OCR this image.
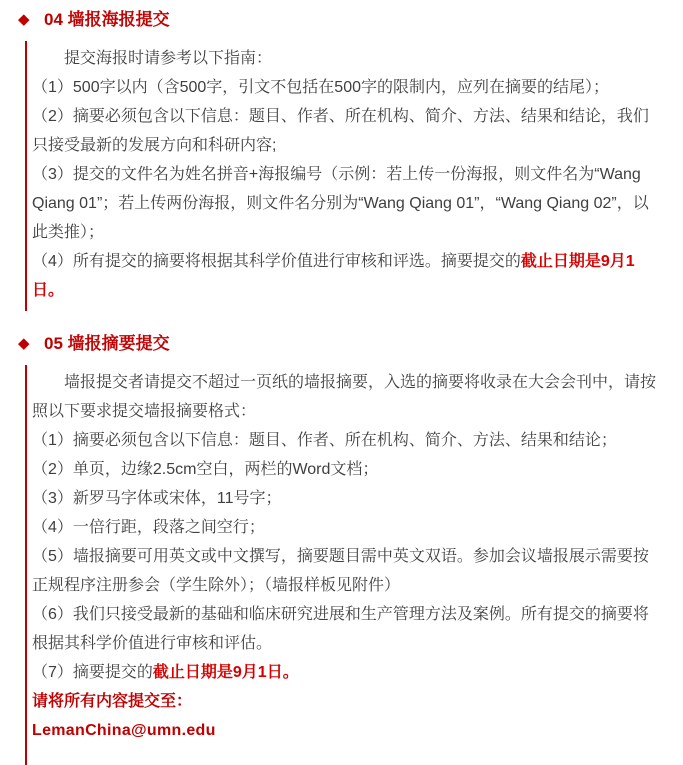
◆ 04 墙报海报提交

提交海报时请参考以下指南：

（1）500字以内（含500字，引文不包括在500字的限制内，应列在摘要的结尾）；

（2）摘要必须包含以下信息：题目、作者、所在机构、简介、方法、结果和结论，我们只接受最新的发展方向和科研内容;

（3）提交的文件名为姓名拼音+海报编号（示例：若上传一份海报，则文件名为“Wang Qiang 01”；若上传两份海报，则文件名分别为“Wang Qiang 01”，“Wang Qiang 02”，以此类推）；

（4）所有提交的摘要将根据其科学价值进行审核和评选。摘要提交的截止日期是9月1日。

◆ 05 墙报摘要提交

墙报提交者请提交不超过一页纸的墙报摘要，入选的摘要将收录在大会会刊中，请按照以下要求提交墙报摘要格式：

（1）摘要必须包含以下信息：题目、作者、所在机构、简介、方法、结果和结论；

（2）单页，边缘2.5cm空白，两栏的Word文档；

（3）新罗马字体或宋体，11号字；

（4）一倍行距，段落之间空行；

（5）墙报摘要可用英文或中文撰写，摘要题目需中英文双语。参加会议墙报展示需要按正规程序注册参会（学生除外）；（墙报样板见附件）

（6）我们只接受最新的基础和临床研究进展和生产管理方法及案例。所有提交的摘要将根据其科学价值进行审核和评估。

（7）摘要提交的截止日期是9月1日。

请将所有内容提交至：

LemanChina@umn.edu
